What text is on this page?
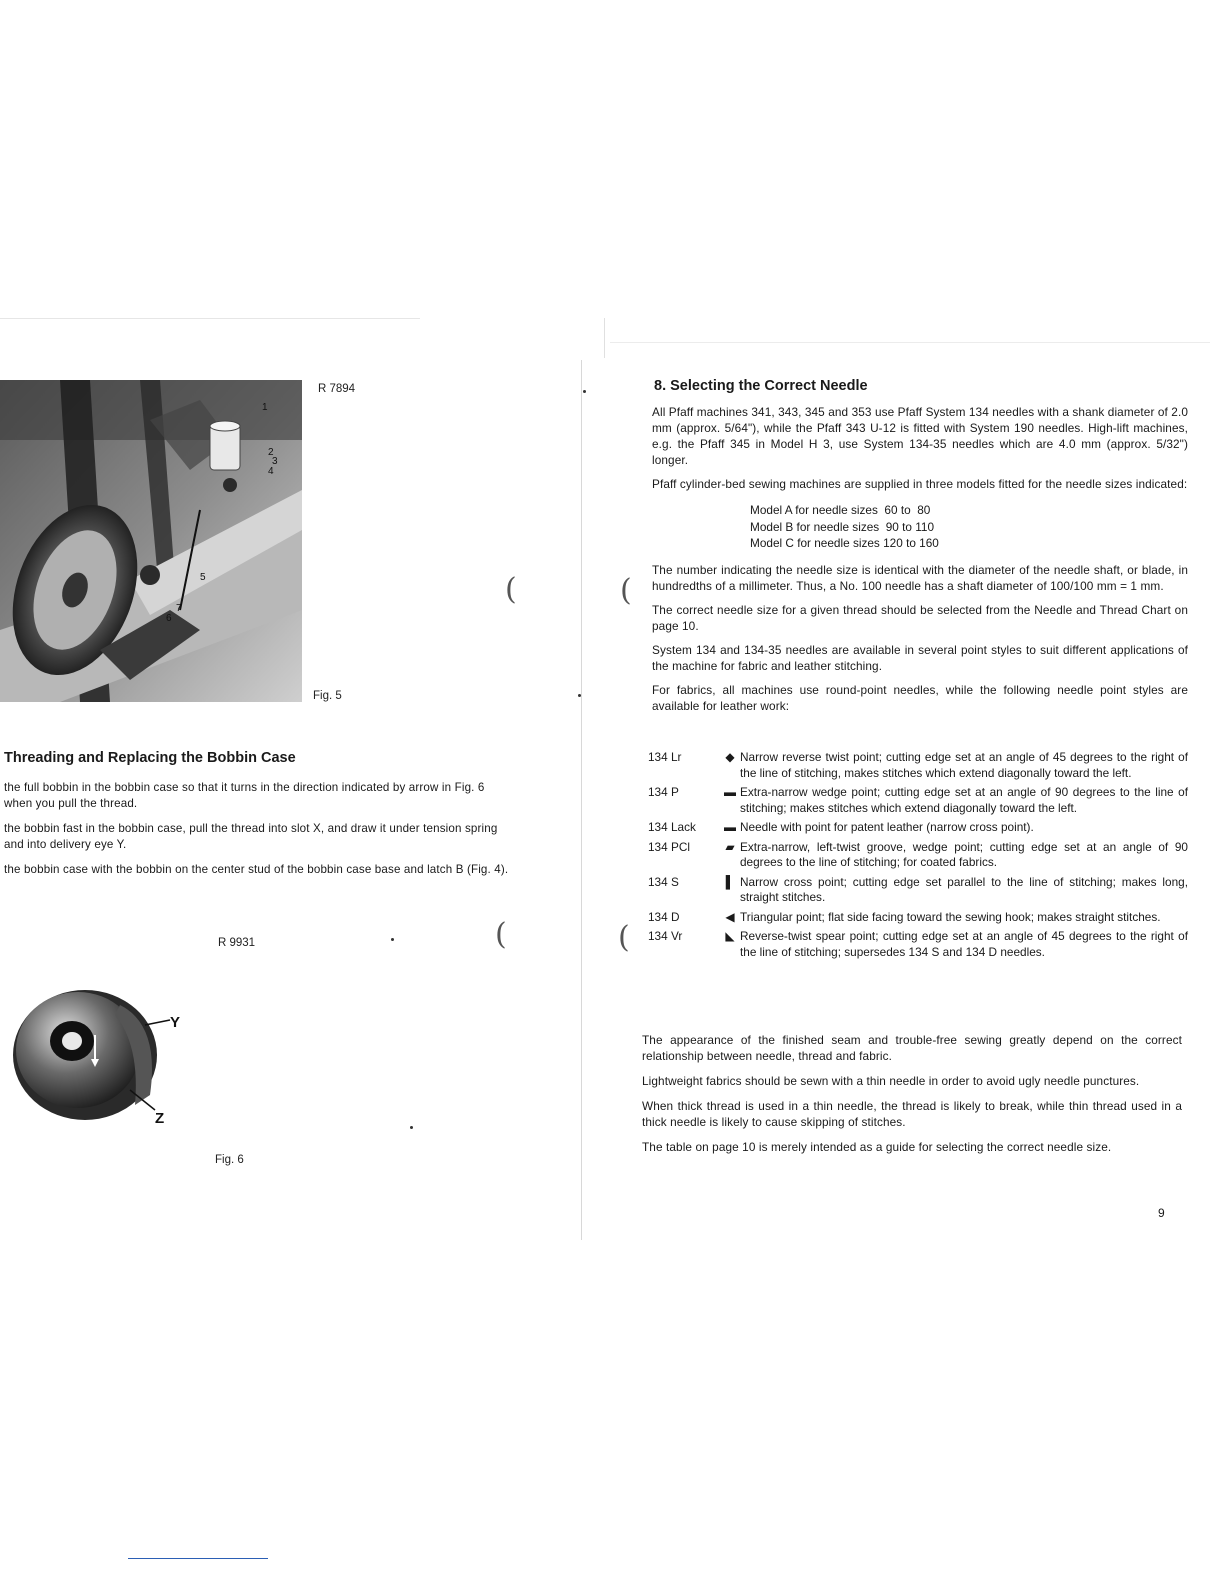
1
2
3
4
5
6
7
R 7894
Fig. 5
(
Threading and Replacing the Bobbin Case

the full bobbin in the bobbin case so that it turns in the direction indicated by arrow in Fig. 6 when you pull the thread.

the bobbin fast in the bobbin case, pull the thread into slot X, and draw it under tension spring and into delivery eye Y.

the bobbin case with the bobbin on the center stud of the bobbin case base and latch B (Fig. 4).

R 9931	(
Y
Z
Fig. 6
8. Selecting the Correct Needle

All Pfaff machines 341, 343, 345 and 353 use Pfaff System 134 needles with a shank diameter of 2.0 mm (approx. 5/64"), while the Pfaff 343 U-12 is fitted with System 190 needles. High-lift machines, e.g. the Pfaff 345 in Model H 3, use System 134-35 needles which are 4.0 mm (approx. 5/32") longer.

Pfaff cylinder-bed sewing machines are supplied in three models fitted for the needle sizes indicated:

Model A for needle sizes  60 to  80
Model B for needle sizes  90 to 110
Model C for needle sizes 120 to 160

The number indicating the needle size is identical with the diameter of the needle shaft, or blade, in hundredths of a millimeter. Thus, a No. 100 needle has a shaft diameter of 100/100 mm = 1 mm.

The correct needle size for a given thread should be selected from the Needle and Thread Chart on page 10.

System 134 and 134-35 needles are available in several point styles to suit different applications of the machine for fabric and leather stitching.

For fabrics, all machines use round-point needles, while the following needle point styles are available for leather work:

(
(
134 Lr	◆ Narrow reverse twist point; cutting edge set at an angle of 45 degrees to the right of the line of stitching, makes stitches which extend diagonally toward the left.
134 P	▬ Extra-narrow wedge point; cutting edge set at an angle of 90 degrees to the line of stitching; makes stitches which extend diagonally toward the left.
134 Lack	▬ Needle with point for patent leather (narrow cross point).
134 PCl	▰ Extra-narrow, left-twist groove, wedge point; cutting edge set at an angle of 90 degrees to the line of stitching; for coated fabrics.
134 S	▌ Narrow cross point; cutting edge set parallel to the line of stitching; makes long, straight stitches.
134 D	◀ Triangular point; flat side facing toward the sewing hook; makes straight stitches.
134 Vr	◣ Reverse-twist spear point; cutting edge set at an angle of 45 degrees to the right of the line of stitching; supersedes 134 S and 134 D needles.

The appearance of the finished seam and trouble-free sewing greatly depend on the correct relationship between needle, thread and fabric.

Lightweight fabrics should be sewn with a thin needle in order to avoid ugly needle punctures.

When thick thread is used in a thin needle, the thread is likely to break, while thin thread used in a thick needle is likely to cause skipping of stitches.

The table on page 10 is merely intended as a guide for selecting the correct needle size.

9
